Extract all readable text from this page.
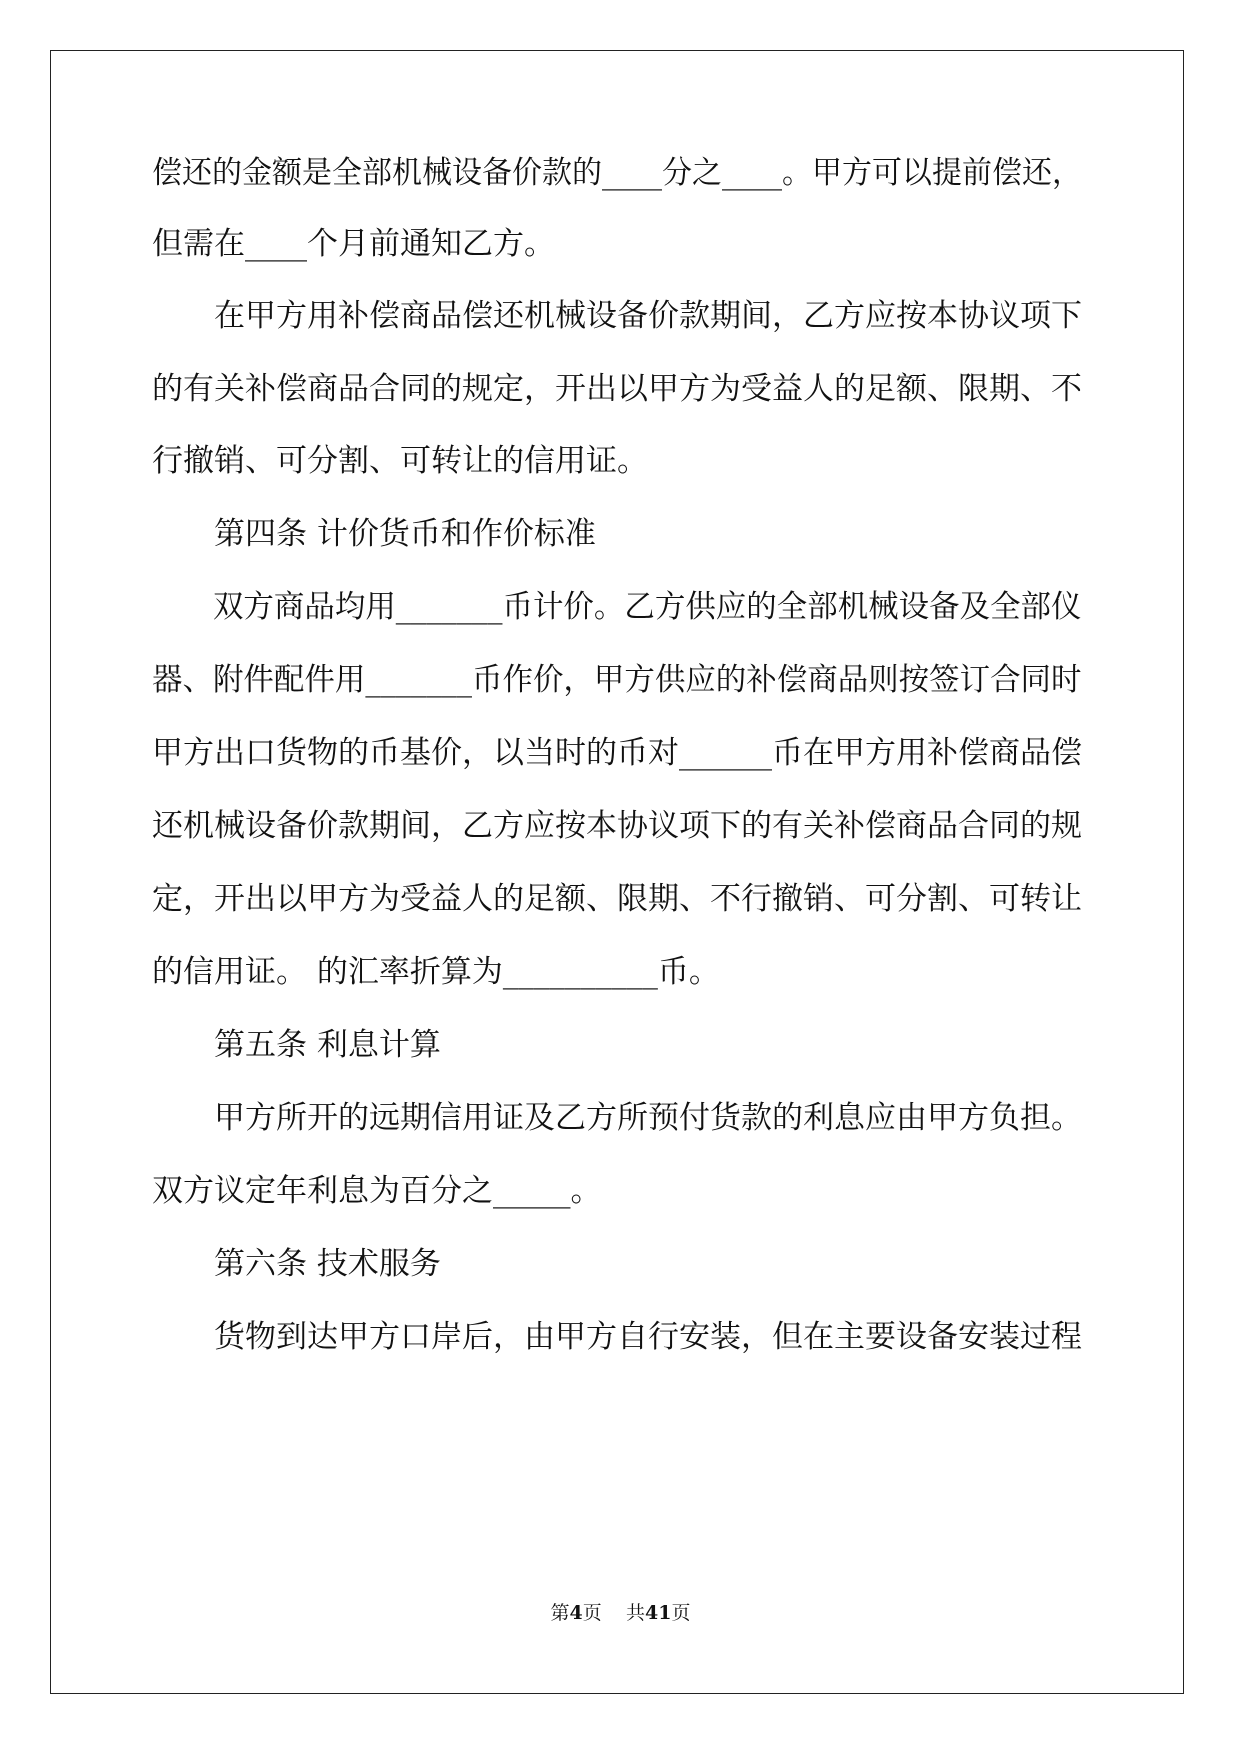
偿还的金额是全部机械设备价款的____分之____。甲方可以提前偿还，

但需在____个月前通知乙方。

　　在甲方用补偿商品偿还机械设备价款期间，乙方应按本协议项下

的有关补偿商品合同的规定，开出以甲方为受益人的足额、限期、不

行撤销、可分割、可转让的信用证。

　　第四条 计价货币和作价标准

　　双方商品均用_______币计价。乙方供应的全部机械设备及全部仪

器、附件配件用_______币作价，甲方供应的补偿商品则按签订合同时

甲方出口货物的币基价，以当时的币对______币在甲方用补偿商品偿

还机械设备价款期间，乙方应按本协议项下的有关补偿商品合同的规

定，开出以甲方为受益人的足额、限期、不行撤销、可分割、可转让

的信用证。 的汇率折算为__________币。

　　第五条 利息计算

　　甲方所开的远期信用证及乙方所预付货款的利息应由甲方负担。

双方议定年利息为百分之_____。

　　第六条 技术服务

　　货物到达甲方口岸后，由甲方自行安装，但在主要设备安装过程

第4页 共41页
